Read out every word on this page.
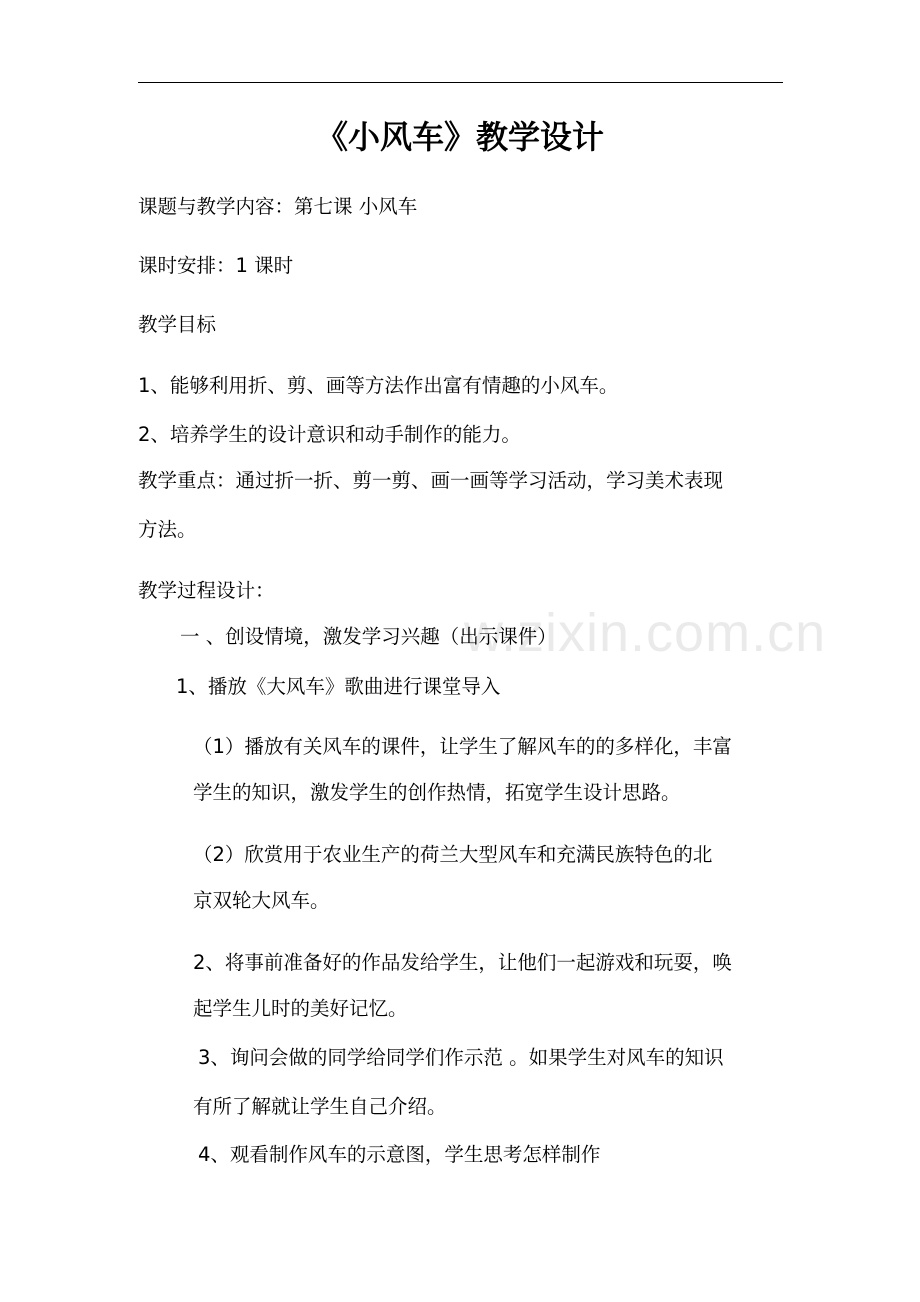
《小风车》教学设计
课题与教学内容：第七课 小风车
课时安排：1 课时
教学目标
1、能够利用折、剪、画等方法作出富有情趣的小风车。
2、培养学生的设计意识和动手制作的能力。
教学重点：通过折一折、剪一剪、画一画等学习活动，学习美术表现
方法。
教学过程设计：
一 、创设情境，激发学习兴趣（出示课件）
1、播放《大风车》歌曲进行课堂导入
（1）播放有关风车的课件，让学生了解风车的的多样化，丰富
学生的知识，激发学生的创作热情，拓宽学生设计思路。
（2）欣赏用于农业生产的荷兰大型风车和充满民族特色的北
京双轮大风车。
2、将事前准备好的作品发给学生，让他们一起游戏和玩耍，唤
起学生儿时的美好记忆。
3、询问会做的同学给同学们作示范 。如果学生对风车的知识
有所了解就让学生自己介绍。
4、观看制作风车的示意图，学生思考怎样制作
w.zixin.com.cn
